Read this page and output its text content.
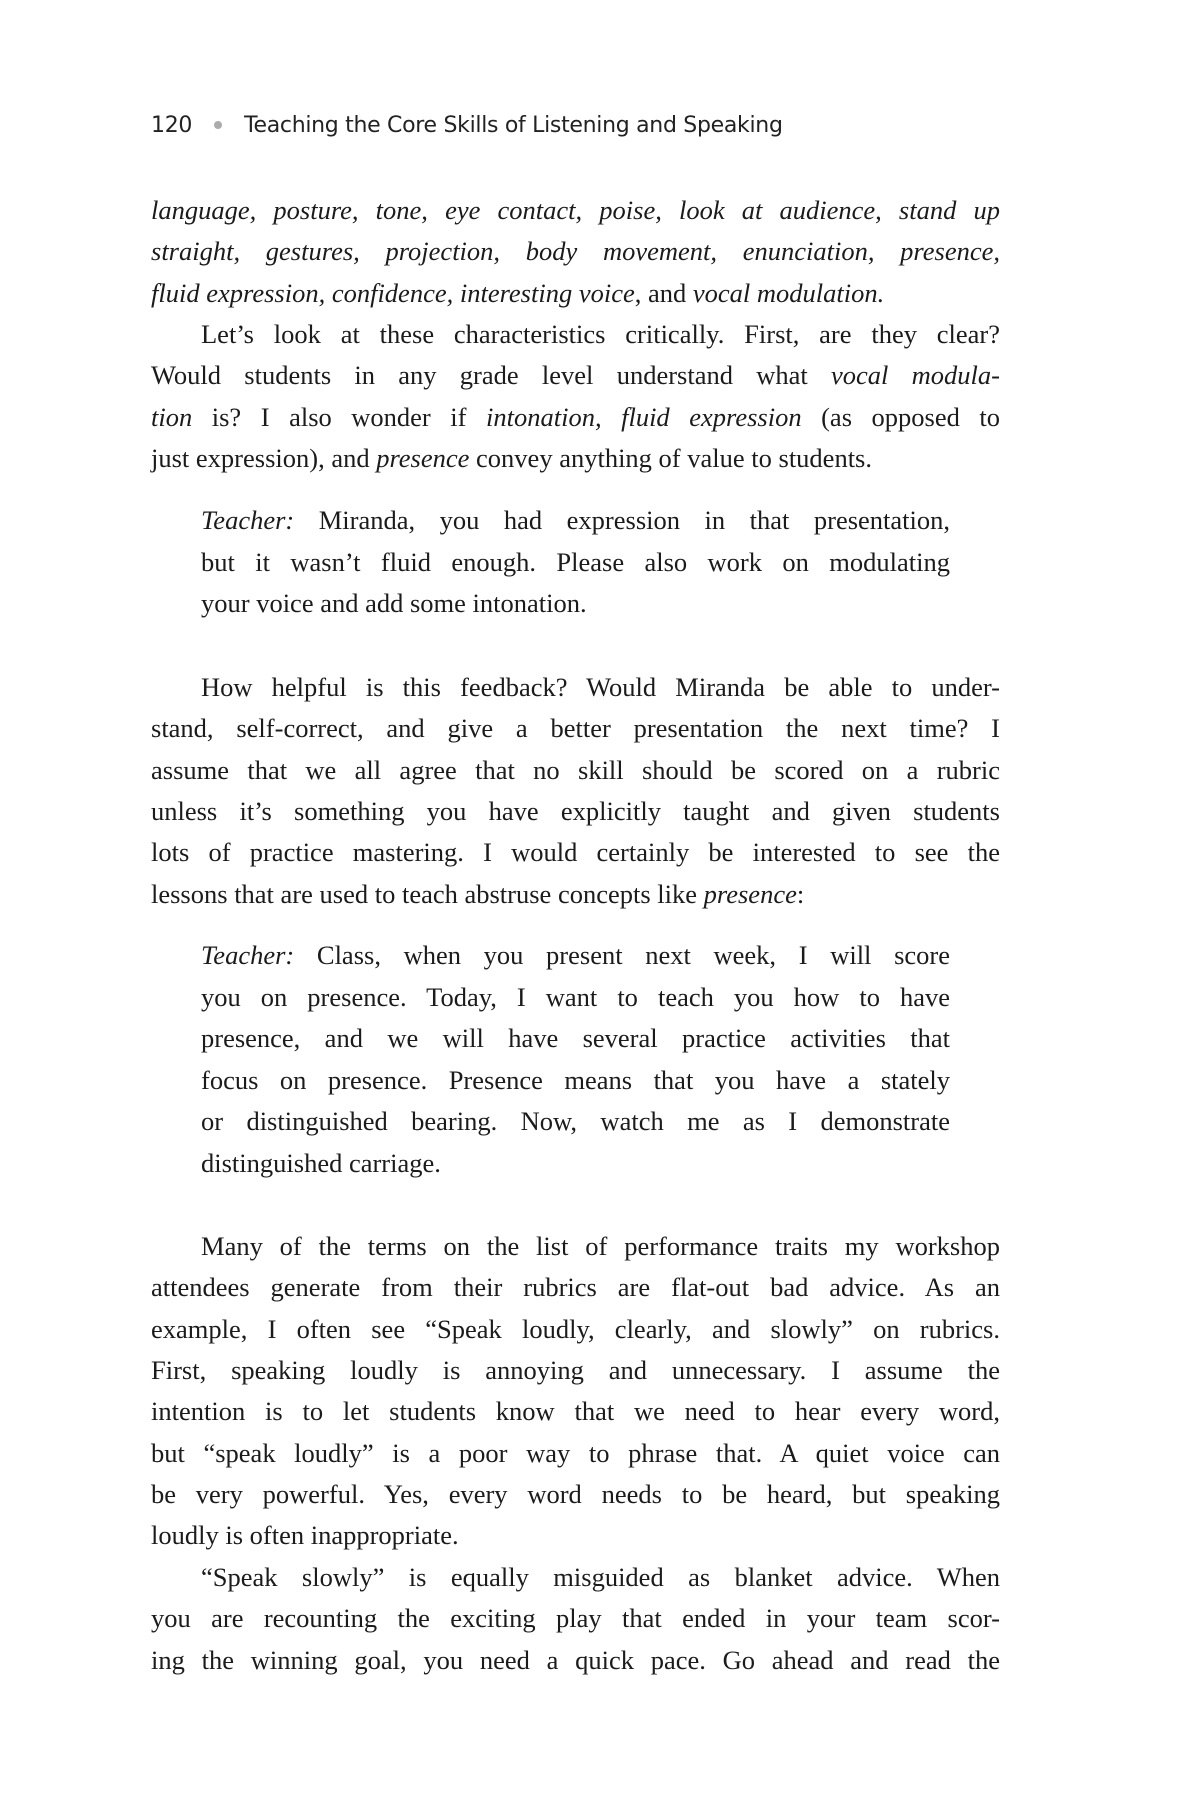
120 Teaching the Core Skills of Listening and Speaking
language, posture, tone, eye contact, poise, look at audience, stand up
straight, gestures, projection, body movement, enunciation, presence,
fluid expression, confidence, interesting voice, and vocal modulation.
Let’s look at these characteristics critically. First, are they clear?
Would students in any grade level understand what vocal modula-
tion is? I also wonder if intonation, fluid expression (as opposed to
just expression), and presence convey anything of value to students.
Teacher: Miranda, you had expression in that presentation,
but it wasn’t fluid enough. Please also work on modulating
your voice and add some intonation.
How helpful is this feedback? Would Miranda be able to under-
stand, self-correct, and give a better presentation the next time? I
assume that we all agree that no skill should be scored on a rubric
unless it’s something you have explicitly taught and given students
lots of practice mastering. I would certainly be interested to see the
lessons that are used to teach abstruse concepts like presence:
Teacher: Class, when you present next week, I will score
you on presence. Today, I want to teach you how to have
presence, and we will have several practice activities that
focus on presence. Presence means that you have a stately
or distinguished bearing. Now, watch me as I demonstrate
distinguished carriage.
Many of the terms on the list of performance traits my workshop
attendees generate from their rubrics are flat-out bad advice. As an
example, I often see “Speak loudly, clearly, and slowly” on rubrics.
First, speaking loudly is annoying and unnecessary. I assume the
intention is to let students know that we need to hear every word,
but “speak loudly” is a poor way to phrase that. A quiet voice can
be very powerful. Yes, every word needs to be heard, but speaking
loudly is often inappropriate.
“Speak slowly” is equally misguided as blanket advice. When
you are recounting the exciting play that ended in your team scor-
ing the winning goal, you need a quick pace. Go ahead and read the
